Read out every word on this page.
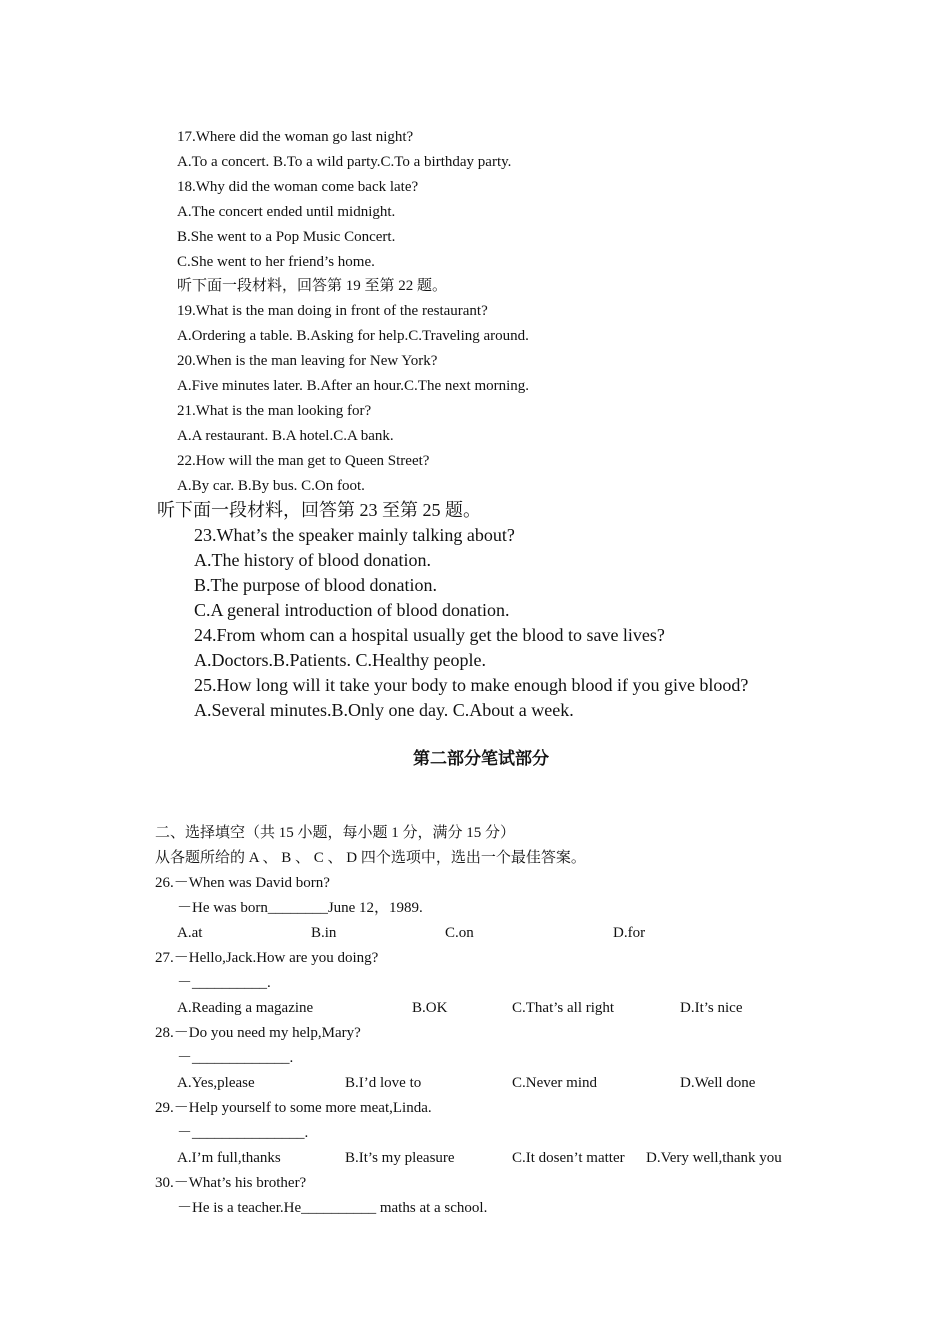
17.Where did the woman go last night?
A.To a concert. B.To a wild party.C.To a birthday party.
18.Why did the woman come back late?
A.The concert ended until midnight.
B.She went to a Pop Music Concert.
C.She went to her friend’s home.
听下面一段材料，回答第 19 至第 22 题。
19.What is the man doing in front of the restaurant?
A.Ordering a table. B.Asking for help.C.Traveling around.
20.When is the man leaving for New York?
A.Five minutes later. B.After an hour.C.The next morning.
21.What is the man looking for?
A.A restaurant. B.A hotel.C.A bank.
22.How will the man get to Queen Street?
A.By car. B.By bus. C.On foot.
听下面一段材料，回答第 23 至第 25 题。
23.What’s the speaker mainly talking about?
A.The history of blood donation.
B.The purpose of blood donation.
C.A general introduction of blood donation.
24.From whom can a hospital usually get the blood to save lives?
A.Doctors.B.Patients. C.Healthy people.
25.How long will it take your body to make enough blood if you give blood?
A.Several minutes.B.Only one day. C.About a week.
第二部分笔试部分
二、选择填空（共 15 小题，每小题 1 分，满分 15 分）
从各题所给的 A 、 B 、 C 、 D 四个选项中，选出一个最佳答案。
26.－When was David born?
－He was born________June 12，1989.
A.at	B.in	C.on	D.for
27.－Hello,Jack.How are you doing?
－__________.
A.Reading a magazine	B.OK	C.That’s all right	D.It’s nice
28.－Do you need my help,Mary?
－_____________.
A.Yes,please	B.I’d love to	C.Never mind	D.Well done
29.－Help yourself to some more meat,Linda.
－_______________.
A.I’m full,thanks	B.It’s my pleasure	C.It dosen’t matter D.Very well,thank you
30.－What’s his brother?
－He is a teacher.He__________ maths at a school.
